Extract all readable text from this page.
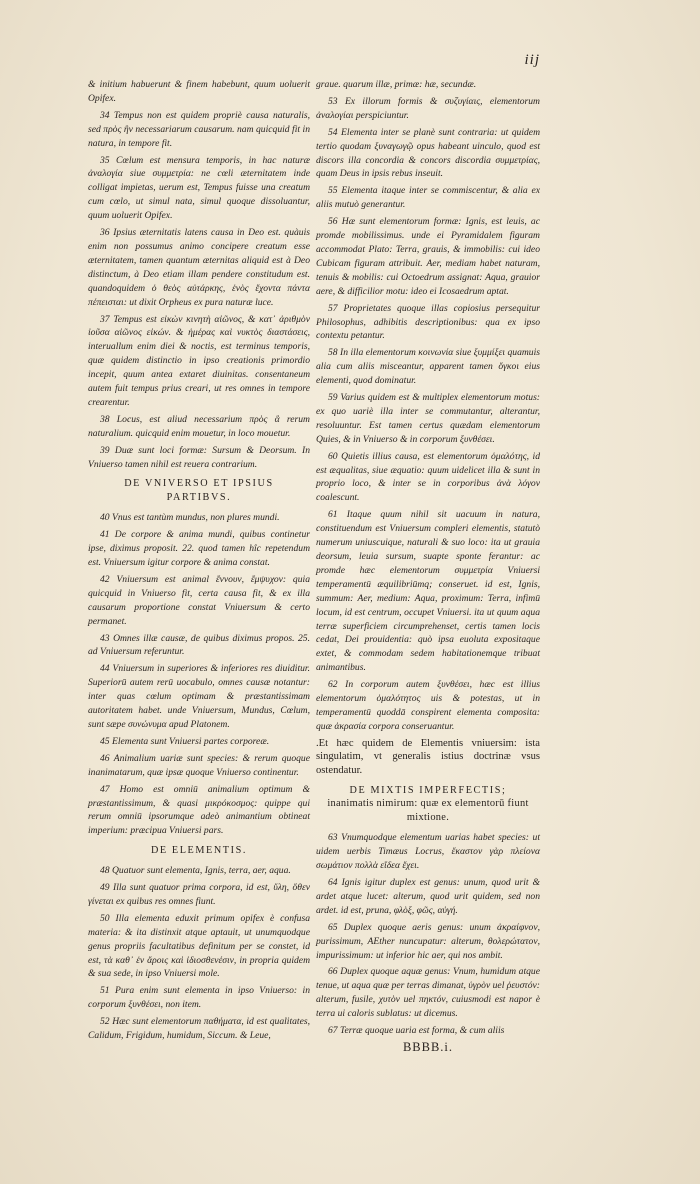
iij

& initium habuerunt & finem habebunt, quum uoluerit Opifex.

34 Tempus non est quidem propriè causa naturalis, sed πρὸς ἣν necessariarum causarum. nam quicquid fit in natura, in tempore fit.

35 Cœlum est mensura temporis, in hac naturæ ἀναλογία siue συμμετρία: ne cœli æternitatem inde colligat impietas, uerum est, Tempus fuisse una creatum cum cœlo, ut simul nata, simul quoque dissoluantur, quum uoluerit Opifex.

36 Ipsius æternitatis latens causa in Deo est. quàuis enim non possumus animo concipere creatum esse æternitatem, tamen quantum æternitas aliquid est à Deo distinctum, à Deo etiam illam pendere constitudum est. quandoquidem ὁ θεὸς αὐτάρκης, ἑνὸς ἔχοντα πάντα πέπεισται: ut dixit Orpheus ex pura naturæ luce.

37 Tempus est εἰκὼν κινητὴ αἰῶνος, & κατ᾽ ἀριθμὸν ἰοῦσα αἰῶνος εἰκών. & ἡμέρας καὶ νυκτὸς διαστάσεις, interuallum enim diei & noctis, est terminus temporis, quæ quidem distinctio in ipso creationis primordio incepit, quum antea extaret diuinitas. consentaneum autem fuit tempus prius creari, ut res omnes in tempore crearentur.

38 Locus, est aliud necessarium πρὸς ἃ rerum naturalium. quicquid enim mouetur, in loco mouetur.

39 Duæ sunt loci formæ: Sursum & Deorsum. In Vniuerso tamen nihil est reuera contrarium.

DE VNIVERSO ET IPSIUS
PARTIBVS.

40 Vnus est tantùm mundus, non plures mundi.

41 De corpore & anima mundi, quibus continetur ipse, diximus proposit. 22. quod tamen hîc repetendum est. Vniuersum igitur corpore & anima constat.

42 Vniuersum est animal ἔννουν, ἔμψυχον: quia quicquid in Vniuerso fit, certa causa fit, & ex illa causarum proportione constat Vniuersum & certo permanet.

43 Omnes illæ causæ, de quibus diximus propos. 25. ad Vniuersum referuntur.

44 Vniuersum in superiores & inferiores res diuiditur. Superiorū autem rerū uocabulo, omnes causæ notantur: inter quas cœlum optimam & præstantissimam autoritatem habet. unde Vniuersum, Mundus, Cœlum, sunt sæpe συνώνυμα apud Platonem.

45 Elementa sunt Vniuersi partes corporeæ.

46 Animalium uariæ sunt species: & rerum quoque inanimatarum, quæ ipsæ quoque Vniuerso continentur.

47 Homo est omniū animalium optimum & præstantissimum, & quasi μικρόκοσμος: quippe qui rerum omniū ipsorumque adeò animantium obtineat imperium: præcipua Vniuersi pars.

DE ELEMENTIS.

48 Quatuor sunt elementa, Ignis, terra, aer, aqua.

49 Illa sunt quatuor prima corpora, id est, ὕλη, ὅθεν γίνεται ex quibus res omnes fiunt.

50 Illa elementa eduxit primum opifex è confusa materia: & ita distinxit atque aptauit, ut unumquodque genus propriis facultatibus definitum per se constet, id est, τὰ καθ᾽ ἑν ἄροις καὶ ἰδιοσθενέσιν, in propria quidem & sua sede, in ipso Vniuersi mole.

51 Pura enim sunt elementa in ipso Vniuerso: in corporum ξυνθέσει, non item.

52 Hæc sunt elementorum παθήματα, id est qualitates, Calidum, Frigidum, humidum, Siccum. & Leue,

graue. quarum illæ, primæ: hæ, secundæ.

53 Ex illorum formis & συζυγίαις, elementorum ἀναλογίαι perspiciuntur.

54 Elementa inter se planè sunt contraria: ut quidem tertio quodam ξυναγωγῷ opus habeant uinculo, quod est discors illa concordia & concors discordia συμμετρίας, quam Deus in ipsis rebus inseuit.

55 Elementa itaque inter se commiscentur, & alia ex aliis mutuò generantur.

56 Hæ sunt elementorum formæ: Ignis, est leuis, ac promde mobilissimus. unde ei Pyramidalem figuram accommodat Plato: Terra, grauis, & immobilis: cui ideo Cubicam figuram attribuit. Aer, mediam habet naturam, tenuis & mobilis: cui Octoedrum assignat: Aqua, grauior aere, & difficilior motu: ideo ei Icosaedrum aptat.

57 Proprietates quoque illas copiosius persequitur Philosophus, adhibitis descriptionibus: qua ex ipso contextu petantur.

58 In illa elementorum κοινωνία siue ξυμμίξει quamuis alia cum aliis misceantur, apparent tamen ὄγκοι eius elementi, quod dominatur.

59 Varius quidem est & multiplex elementorum motus: ex quo uariè illa inter se commutantur, alterantur, resoluuntur. Est tamen certus quædam elementorum Quies, & in Vniuerso & in corporum ξυνθέσει.

60 Quietis illius causa, est elementorum ὁμαλότης, id est æqualitas, siue æquatio: quum uidelicet illa & sunt in proprio loco, & inter se in corporibus ἀνὰ λόγον coalescunt.

61 Itaque quum nihil sit uacuum in natura, constituendum est Vniuersum compleri elementis, statutò numerum uniuscuique, naturali & suo loco: ita ut grauia deorsum, leuia sursum, suapte sponte ferantur: ac promde hæc elementorum συμμετρία Vniuersi temperamentū æquilibriūmq; conseruet. id est, Ignis, summum: Aer, medium: Aqua, proximum: Terra, infimū locum, id est centrum, occupet Vniuersi. ita ut quum aqua terræ superficiem circumprehenset, certis tamen locis cedat, Dei prouidentia: quò ipsa euoluta expositaque extet, & commodam sedem habitationemque tribuat animantibus.

62 In corporum autem ξυνθέσει, hæc est illius elementorum ὁμαλότητος uis & potestas, ut in temperamentū quoddā conspirent elementa composita: quæ ἀκρασία corpora conseruantur.

.Et hæc quidem de Elementis vniuersim: ista singulatim, vt generalis istius doctrinæ vsus ostendatur.

DE MIXTIS IMPERFECTIS;
inanimatis nimirum: quæ ex elementorū fiunt mixtione.

63 Vnumquodque elementum uarias habet species: ut uidem uerbis Timæus Locrus, ἕκαστον γὰρ πλείονα σωμάτιον πολλὰ εἴδεα ἔχει.

64 Ignis igitur duplex est genus: unum, quod urit & ardet atque lucet: alterum, quod urit quidem, sed non ardet. id est, pruna, φλὸξ, φῶς, αὐγή.

65 Duplex quoque aeris genus: unum ἀκραίφνον, purissimum, AEther nuncupatur: alterum, θολερώτατον, impurissimum: ut inferior hic aer, qui nos ambit.

66 Duplex quoque aquæ genus: Vnum, humidum atque tenue, ut aqua quæ per terras dimanat, ὑγρὸν uel ῥευστόν: alterum, fusile, χυτὸν uel πηκτόν, cuiusmodi est napor è terra ui caloris sublatus: ut dicemus.

67 Terræ quoque uaria est forma, & cum aliis

BBBB.i.
